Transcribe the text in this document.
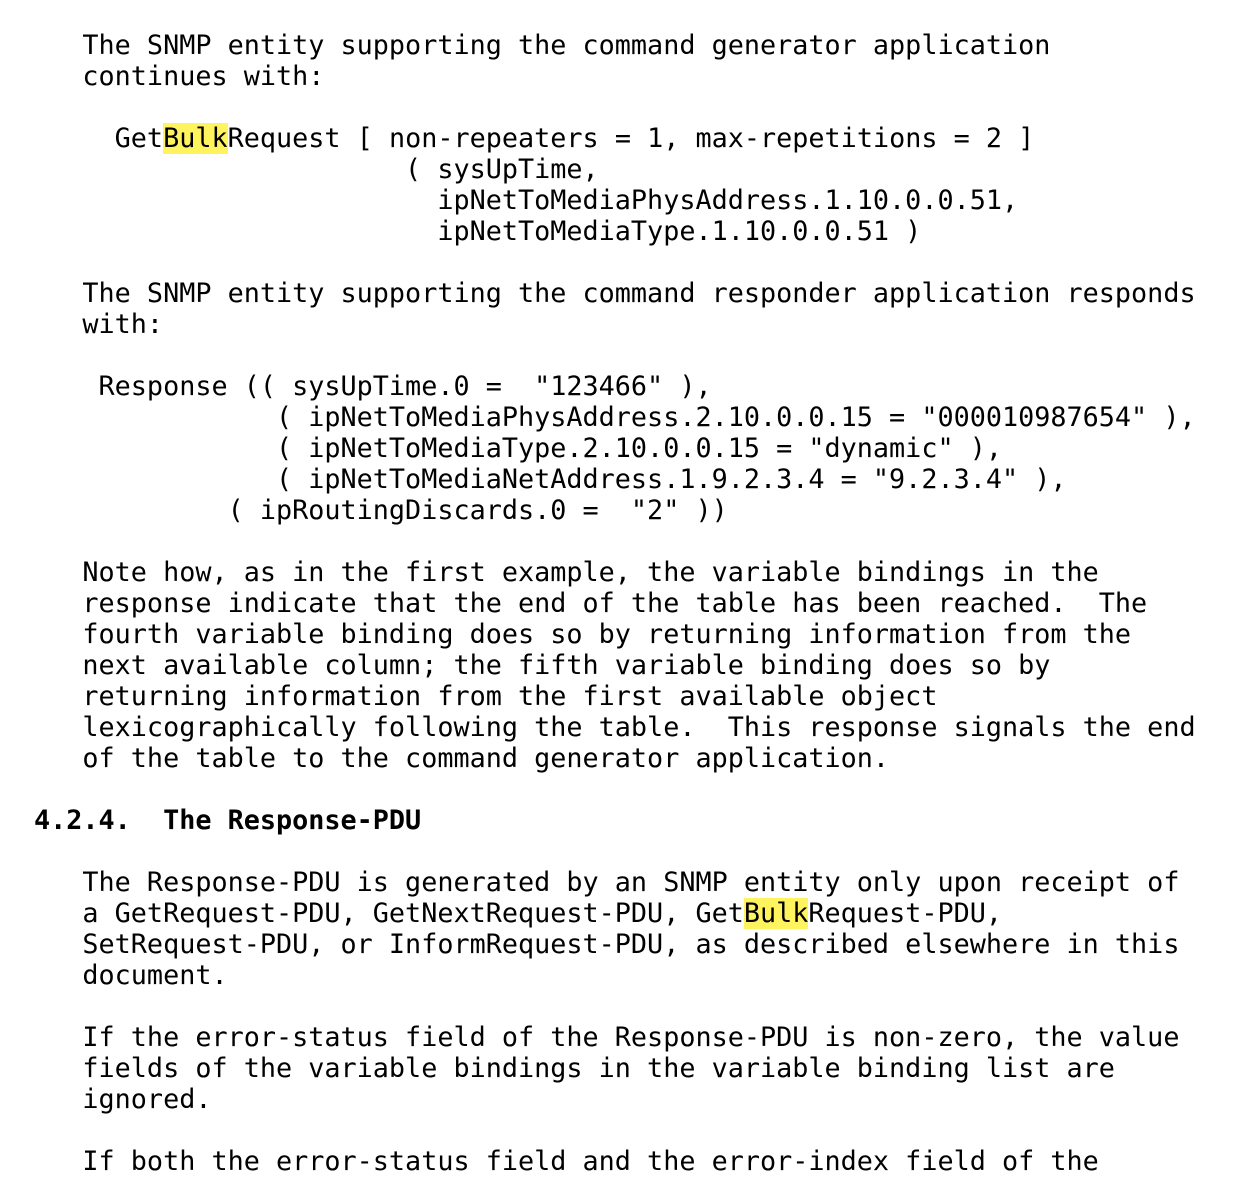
The SNMP entity supporting the command generator application
continues with:
GetBulkRequest [ non-repeaters = 1, max-repetitions = 2 ]
( sysUpTime,
ipNetToMediaPhysAddress.1.10.0.0.51,
ipNetToMediaType.1.10.0.0.51 )
The SNMP entity supporting the command responder application responds
with:
Response (( sysUpTime.0 =  "123466" ),
( ipNetToMediaPhysAddress.2.10.0.0.15 = "000010987654" ),
( ipNetToMediaType.2.10.0.0.15 = "dynamic" ),
( ipNetToMediaNetAddress.1.9.2.3.4 = "9.2.3.4" ),
( ipRoutingDiscards.0 =  "2" ))
Note how, as in the first example, the variable bindings in the
response indicate that the end of the table has been reached.  The
fourth variable binding does so by returning information from the
next available column; the fifth variable binding does so by
returning information from the first available object
lexicographically following the table.  This response signals the end
of the table to the command generator application.
4.2.4.  The Response-PDU
The Response-PDU is generated by an SNMP entity only upon receipt of
a GetRequest-PDU, GetNextRequest-PDU, GetBulkRequest-PDU,
SetRequest-PDU, or InformRequest-PDU, as described elsewhere in this
document.
If the error-status field of the Response-PDU is non-zero, the value
fields of the variable bindings in the variable binding list are
ignored.
If both the error-status field and the error-index field of the
